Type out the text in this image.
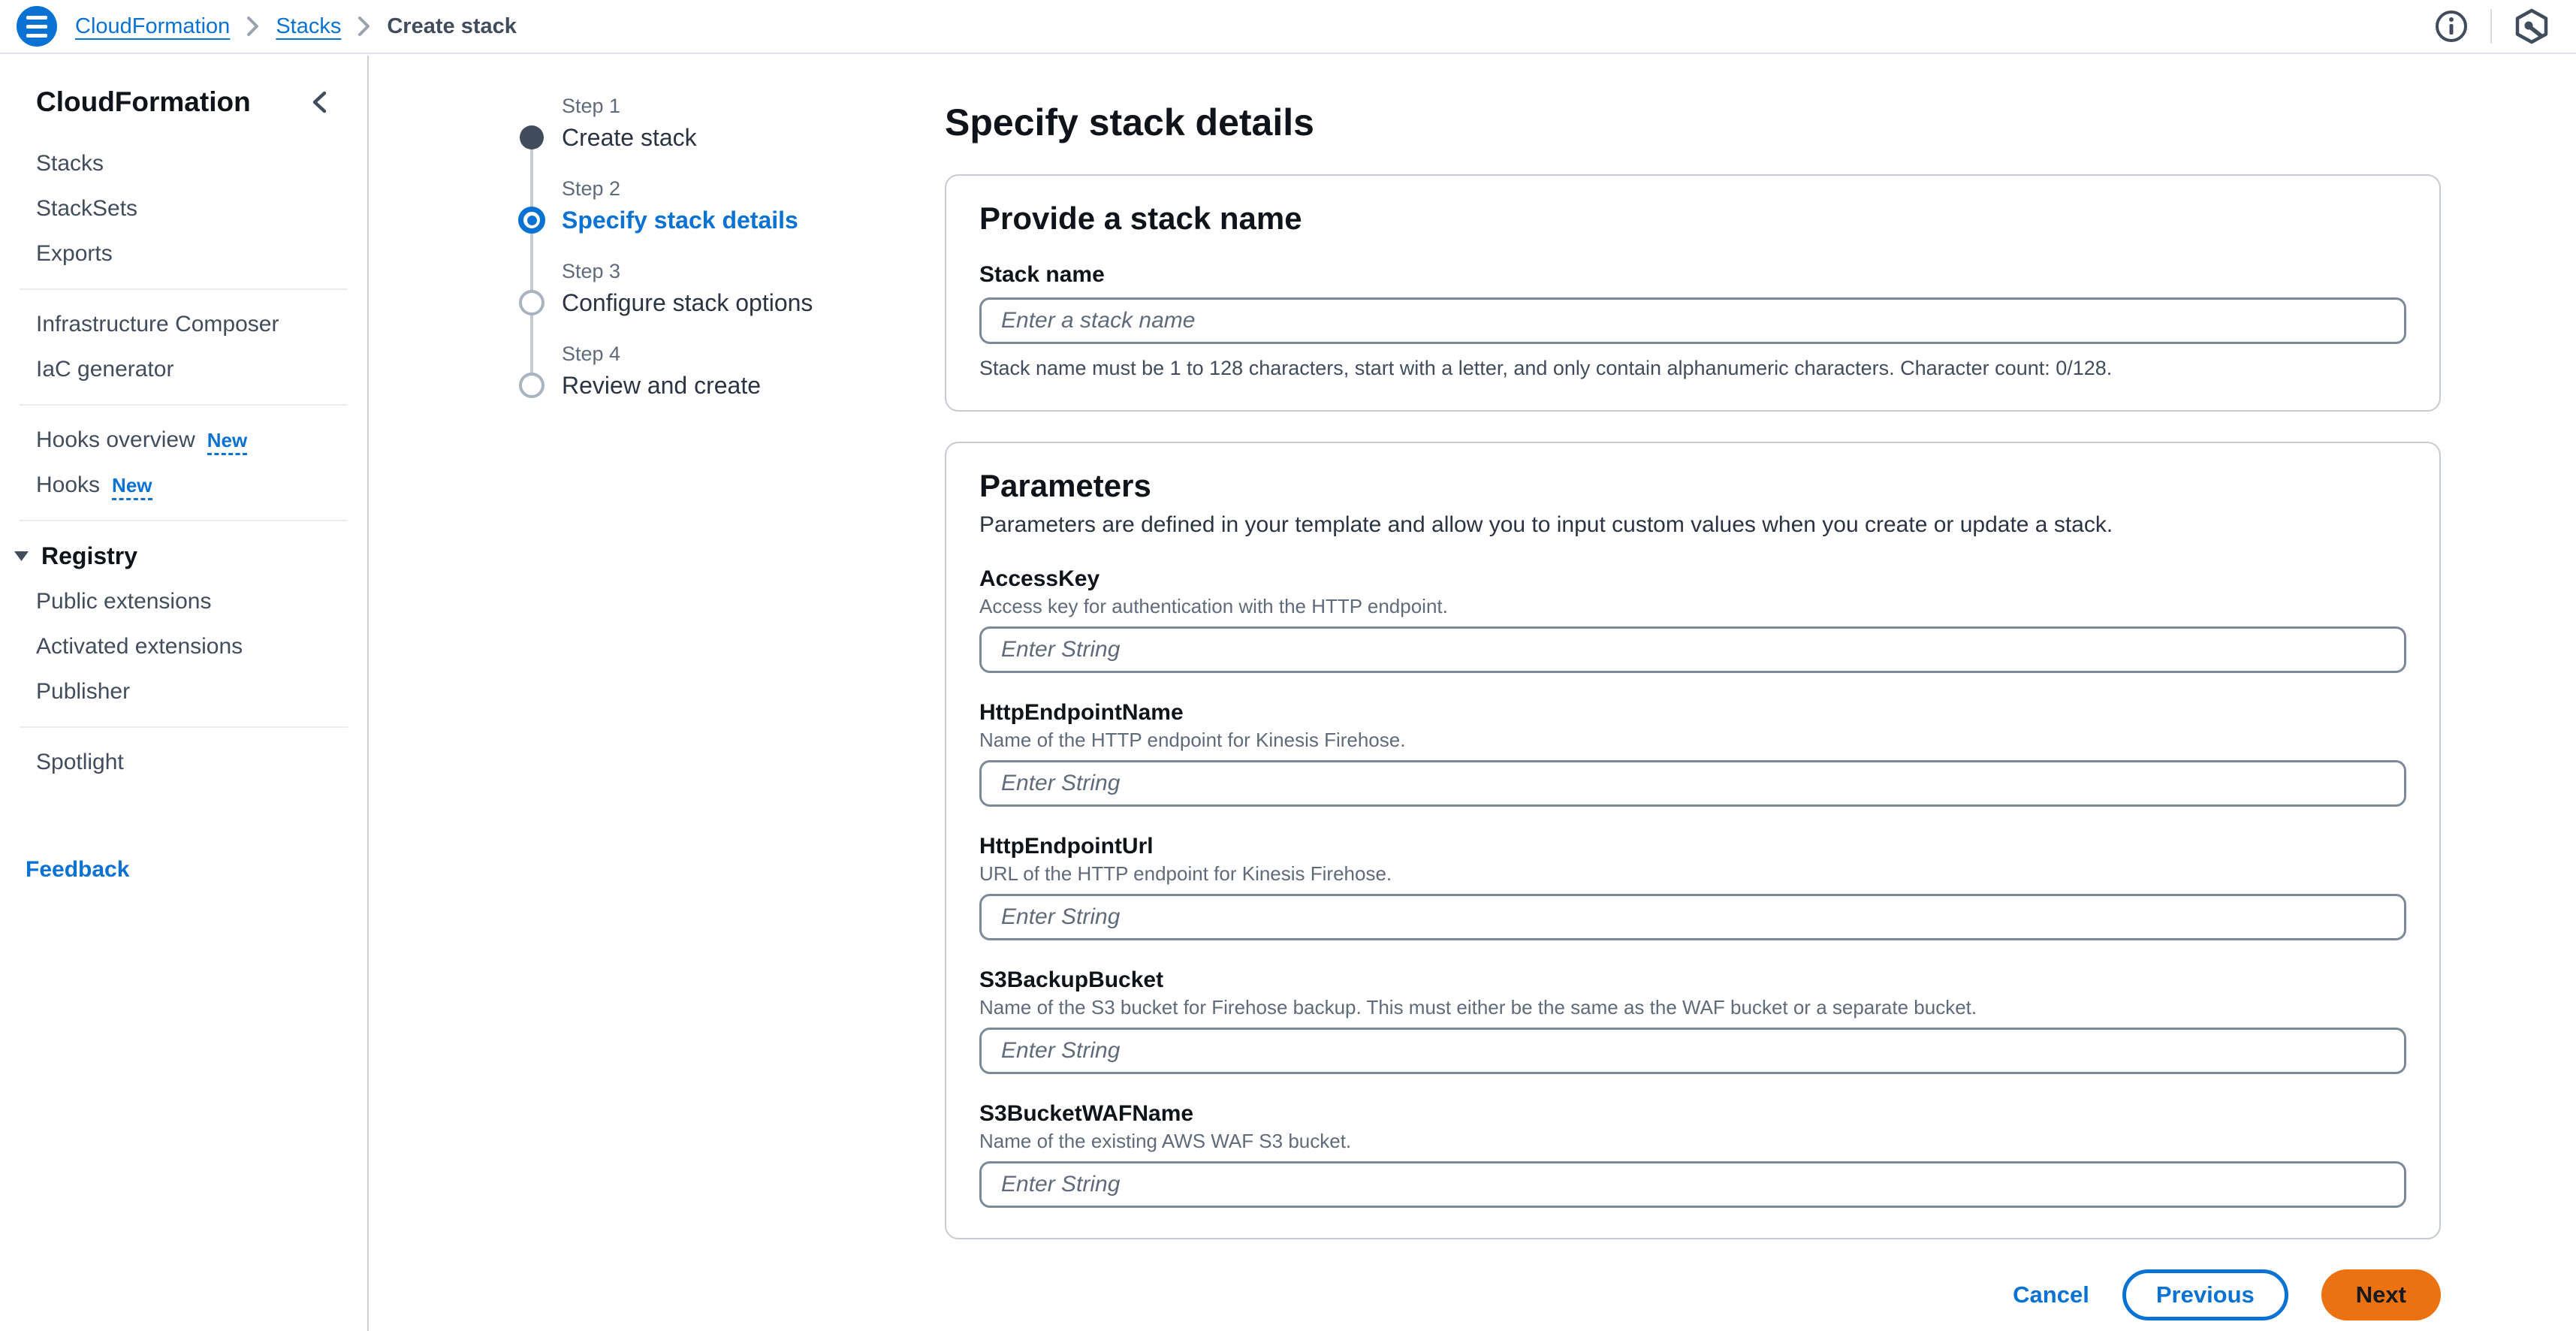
CloudFormation Stacks Create stack
CloudFormation
Stacks
StackSets
Exports
Infrastructure Composer
IaC generator
Hooks overview New
Hooks New
Registry
Public extensions
Activated extensions
Publisher
Spotlight
Feedback
Step 1
Create stack
Step 2
Specify stack details
Step 3
Configure stack options
Step 4
Review and create
Specify stack details
Provide a stack name
Stack name
Enter a stack name
Stack name must be 1 to 128 characters, start with a letter, and only contain alphanumeric characters. Character count: 0/128.
Parameters
Parameters are defined in your template and allow you to input custom values when you create or update a stack.
AccessKey
Access key for authentication with the HTTP endpoint.
Enter String
HttpEndpointName
Name of the HTTP endpoint for Kinesis Firehose.
Enter String
HttpEndpointUrl
URL of the HTTP endpoint for Kinesis Firehose.
Enter String
S3BackupBucket
Name of the S3 bucket for Firehose backup. This must either be the same as the WAF bucket or a separate bucket.
Enter String
S3BucketWAFName
Name of the existing AWS WAF S3 bucket.
Enter String
Cancel	Previous	Next
